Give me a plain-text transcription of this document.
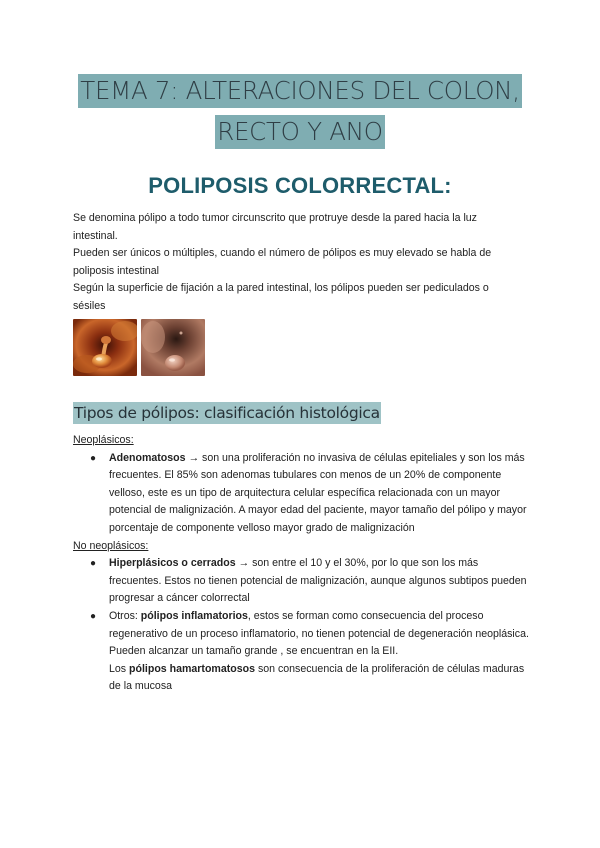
TEMA 7: ALTERACIONES DEL COLON,
RECTO Y ANO
POLIPOSIS COLORRECTAL:

Se denomina pólipo a todo tumor circunscrito que protruye desde la pared hacia la luz intestinal.

Pueden ser únicos o múltiples, cuando el número de pólipos es muy elevado se habla de poliposis intestinal

Según la superficie de fijación a la pared intestinal, los pólipos pueden ser pediculados o sésiles

Tipos de pólipos: clasificación histológica

Neoplásicos:

● Adenomatosos → son una proliferación no invasiva de células epiteliales y son los más frecuentes. El 85% son adenomas tubulares con menos de un 20% de componente velloso, este es un tipo de arquitectura celular específica relacionada con un mayor potencial de malignización. A mayor edad del paciente, mayor tamaño del pólipo y mayor porcentaje de componente velloso mayor grado de malignización

No neoplásicos:

● Hiperplásicos o cerrados → son entre el 10 y el 30%, por lo que son los más frecuentes. Estos no tienen potencial de malignización, aunque algunos subtipos pueden progresar a cáncer colorrectal
● Otros: pólipos inflamatorios, estos se forman como consecuencia del proceso regenerativo de un proceso inflamatorio, no tienen potencial de degeneración neoplásica. Pueden alcanzar un tamaño grande , se encuentran en la EII.
Los pólipos hamartomatosos son consecuencia de la proliferación de células maduras de la mucosa
